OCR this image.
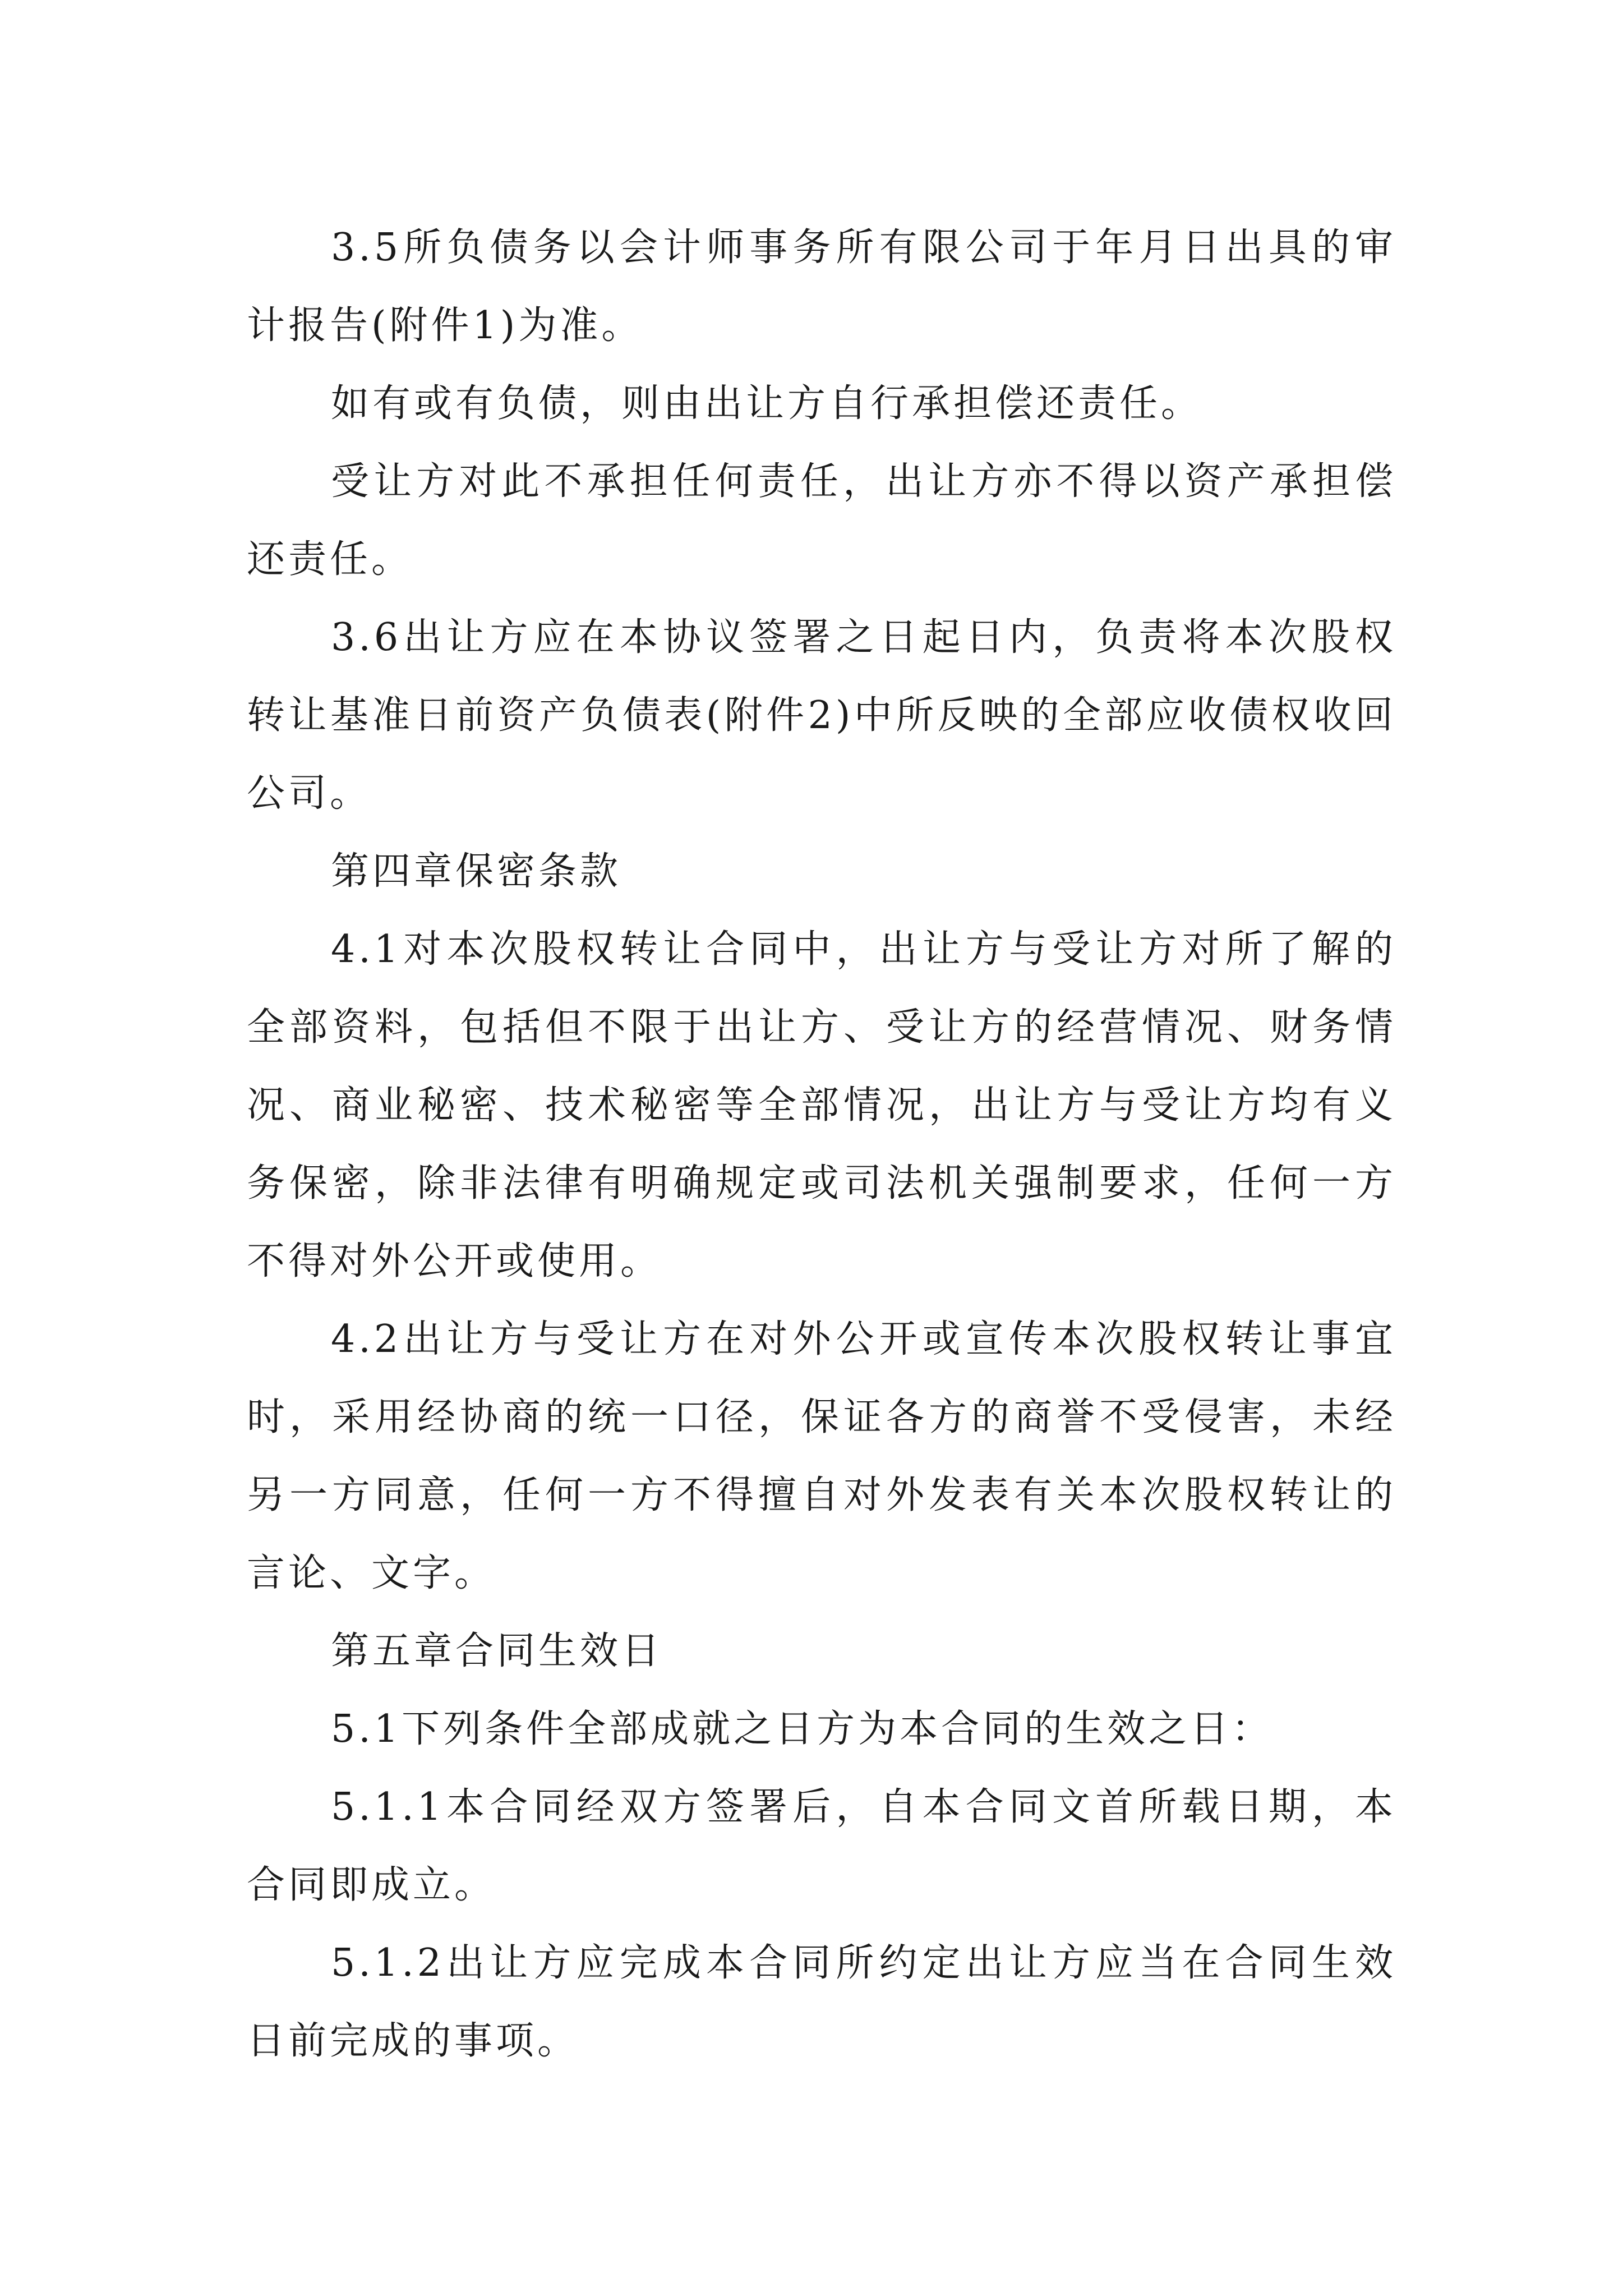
3.5所负债务以会计师事务所有限公司于年月日出具的审计报告(附件1)为准。

如有或有负债，则由出让方自行承担偿还责任。

受让方对此不承担任何责任，出让方亦不得以资产承担偿还责任。

3.6出让方应在本协议签署之日起日内，负责将本次股权转让基准日前资产负债表(附件2)中所反映的全部应收债权收回公司。

第四章保密条款

4.1对本次股权转让合同中，出让方与受让方对所了解的全部资料，包括但不限于出让方、受让方的经营情况、财务情况、商业秘密、技术秘密等全部情况，出让方与受让方均有义务保密，除非法律有明确规定或司法机关强制要求，任何一方不得对外公开或使用。

4.2出让方与受让方在对外公开或宣传本次股权转让事宜时，采用经协商的统一口径，保证各方的商誉不受侵害，未经另一方同意，任何一方不得擅自对外发表有关本次股权转让的言论、文字。

第五章合同生效日

5.1下列条件全部成就之日方为本合同的生效之日：

5.1.1本合同经双方签署后，自本合同文首所载日期，本合同即成立。

5.1.2出让方应完成本合同所约定出让方应当在合同生效日前完成的事项。
